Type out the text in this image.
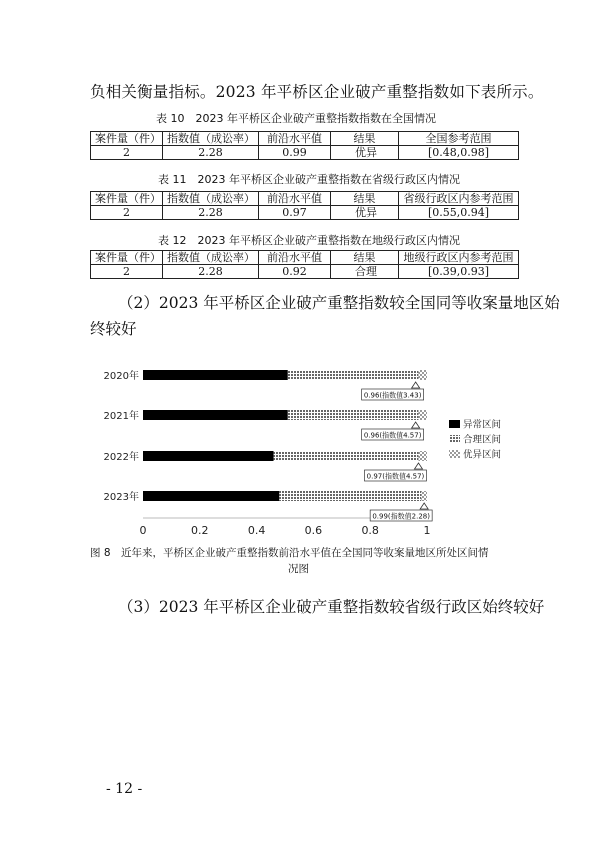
负相关衡量指标。2023 年平桥区企业破产重整指数如下表所示。
表 10　2023 年平桥区企业破产重整指数指数在全国情况
案件量（件）	指数值（成讼率）	前沿水平值	结果	全国参考范围
2	2.28	0.99	优异	[0.48,0.98]
表 11　2023 年平桥区企业破产重整指数在省级行政区内情况
案件量（件）	指数值（成讼率）	前沿水平值	结果	省级行政区内参考范围
2	2.28	0.97	优异	[0.55,0.94]
表 12　2023 年平桥区企业破产重整指数在地级行政区内情况
案件量（件）	指数值（成讼率）	前沿水平值	结果	地级行政区内参考范围
2	2.28	0.92	合理	[0.39,0.93]
（2）2023 年平桥区企业破产重整指数较全国同等收案量地区始
终较好
2020年
0.96(指数值3.43)
2021年
0.96(指数值4.57)
2022年
0.97(指数值4.57)
2023年
0.99(指数值2.28)
0	0.2	0.4	0.6	0.8	1
异常区间
合理区间
优异区间
图 8　近年来，平桥区企业破产重整指数前沿水平值在全国同等收案量地区所处区间情
况图
（3）2023 年平桥区企业破产重整指数较省级行政区始终较好
- 12 -
